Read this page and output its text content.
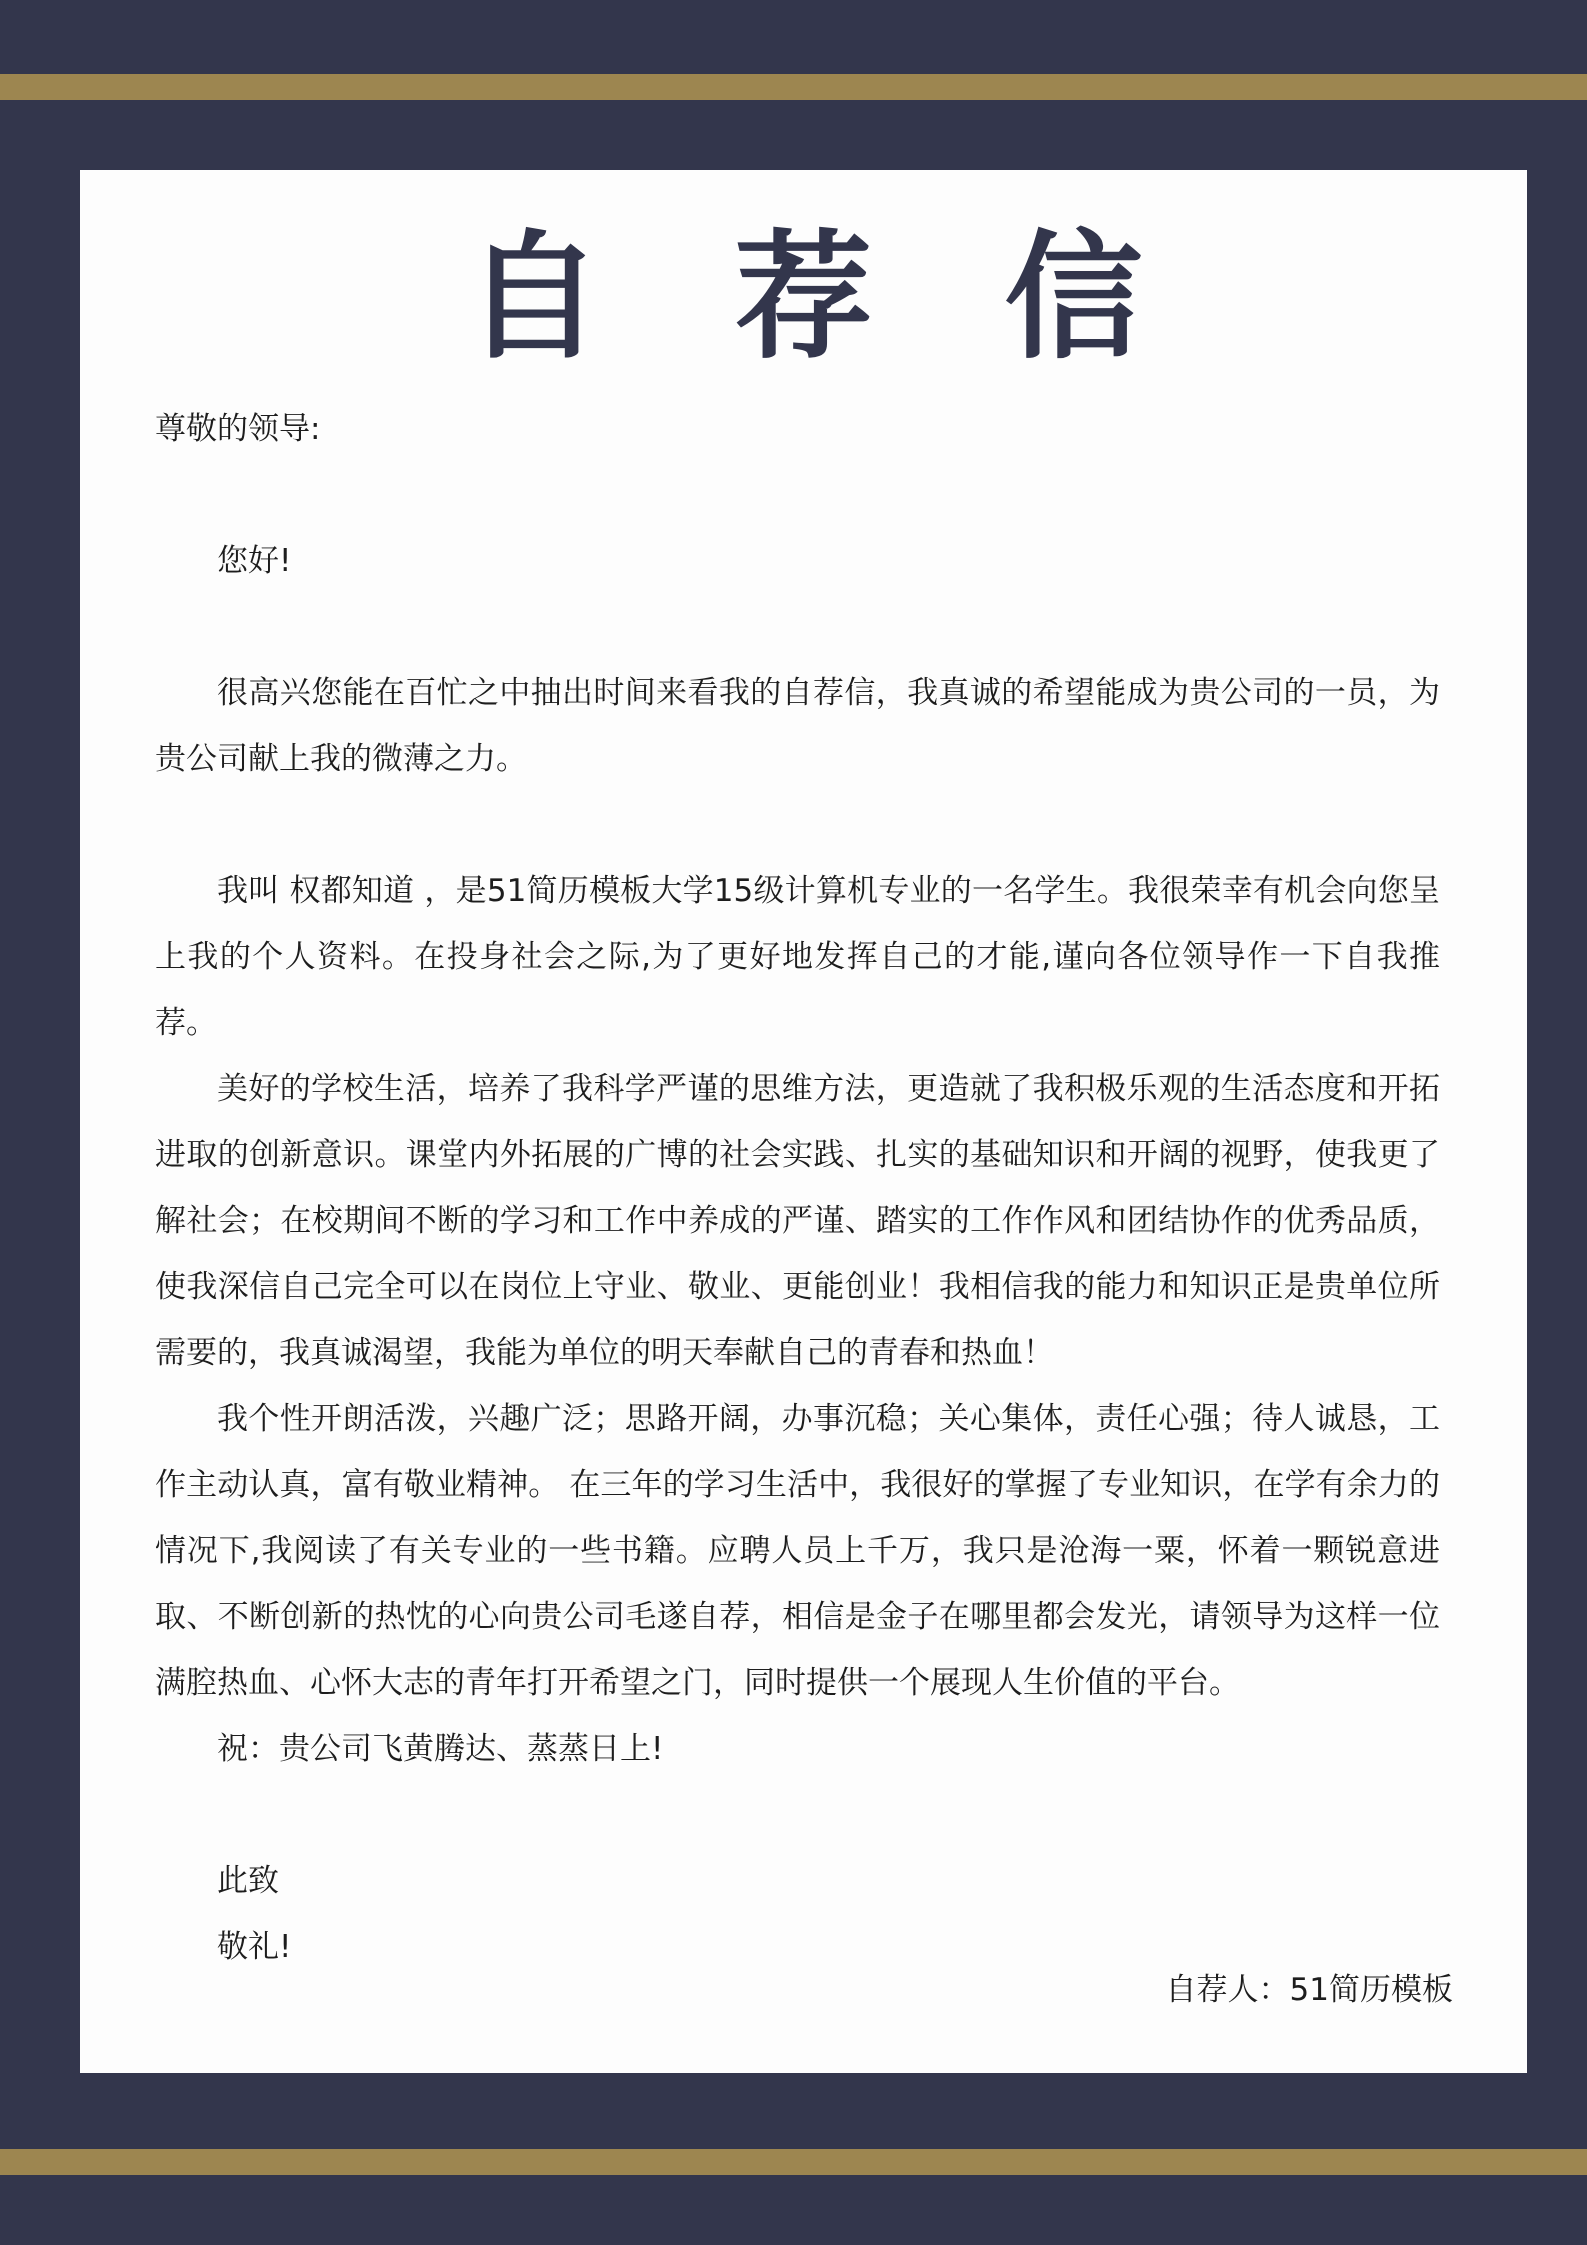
自 荐 信

尊敬的领导:

您好!

很高兴您能在百忙之中抽出时间来看我的自荐信，我真诚的希望能成为贵公司的一员，为贵公司献上我的微薄之力。

我叫 权都知道 ，是51简历模板大学15级计算机专业的一名学生。我很荣幸有机会向您呈上我的个人资料。在投身社会之际,为了更好地发挥自己的才能,谨向各位领导作一下自我推荐。

美好的学校生活，培养了我科学严谨的思维方法，更造就了我积极乐观的生活态度和开拓进取的创新意识。课堂内外拓展的广博的社会实践、扎实的基础知识和开阔的视野，使我更了解社会；在校期间不断的学习和工作中养成的严谨、踏实的工作作风和团结协作的优秀品质，使我深信自己完全可以在岗位上守业、敬业、更能创业！我相信我的能力和知识正是贵单位所需要的，我真诚渴望，我能为单位的明天奉献自己的青春和热血！

我个性开朗活泼，兴趣广泛；思路开阔，办事沉稳；关心集体，责任心强；待人诚恳，工作主动认真，富有敬业精神。 在三年的学习生活中，我很好的掌握了专业知识，在学有余力的情况下,我阅读了有关专业的一些书籍。应聘人员上千万，我只是沧海一粟，怀着一颗锐意进取、不断创新的热忱的心向贵公司毛遂自荐，相信是金子在哪里都会发光，请领导为这样一位满腔热血、心怀大志的青年打开希望之门，同时提供一个展现人生价值的平台。

祝：贵公司飞黄腾达、蒸蒸日上!

此致

敬礼!

自荐人：51简历模板
